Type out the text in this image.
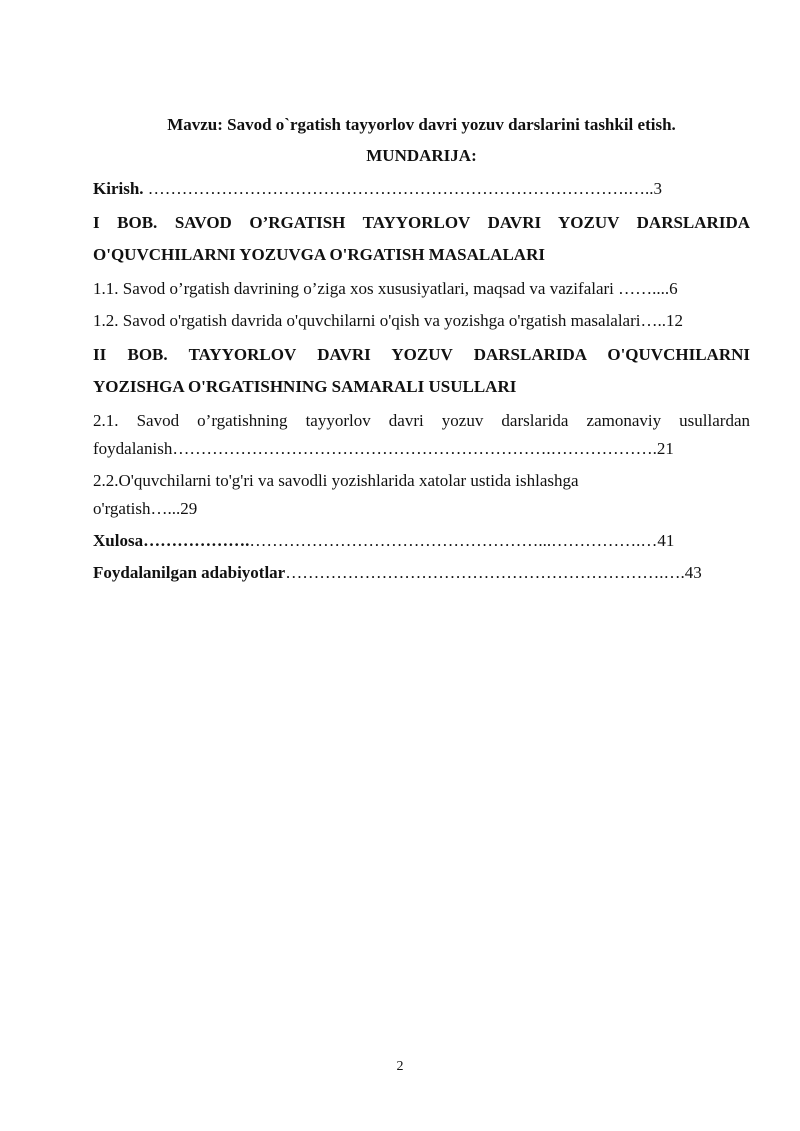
Mavzu: Savod o`rgatish tayyorlov davri yozuv darslarini tashkil etish.

MUNDARIJA:

Kirish. ………………………………………………………………………….…..3
I BOB. SAVOD O’RGATISH TAYYORLOV DAVRI YOZUV DARSLARIDA
O'QUVCHILARNI YOZUVGA O'RGATISH MASALALARI
1.1. Savod o’rgatish davrining o’ziga xos xususiyatlari, maqsad va vazifalari ……....6
1.2. Savod o'rgatish davrida o'quvchilarni o'qish va yozishga o'rgatish masalalari…..12
II BOB. TAYYORLOV DAVRI YOZUV DARSLARIDA O'QUVCHILARNI
YOZISHGA O'RGATISHNING SAMARALI USULLARI
2.1. Savod o’rgatishning tayyorlov davri yozuv darslarida zamonaviy usullardan
foydalanish………………………………………………………….……………….21
2.2.O'quvchilarni to'g'ri va savodli yozishlarida xatolar ustida ishlashga
o'rgatish…...29
Xulosa……………….……………………………………………...…………….…41
Foydalanilgan adabiyotlar………………………………………………………….….43
2
